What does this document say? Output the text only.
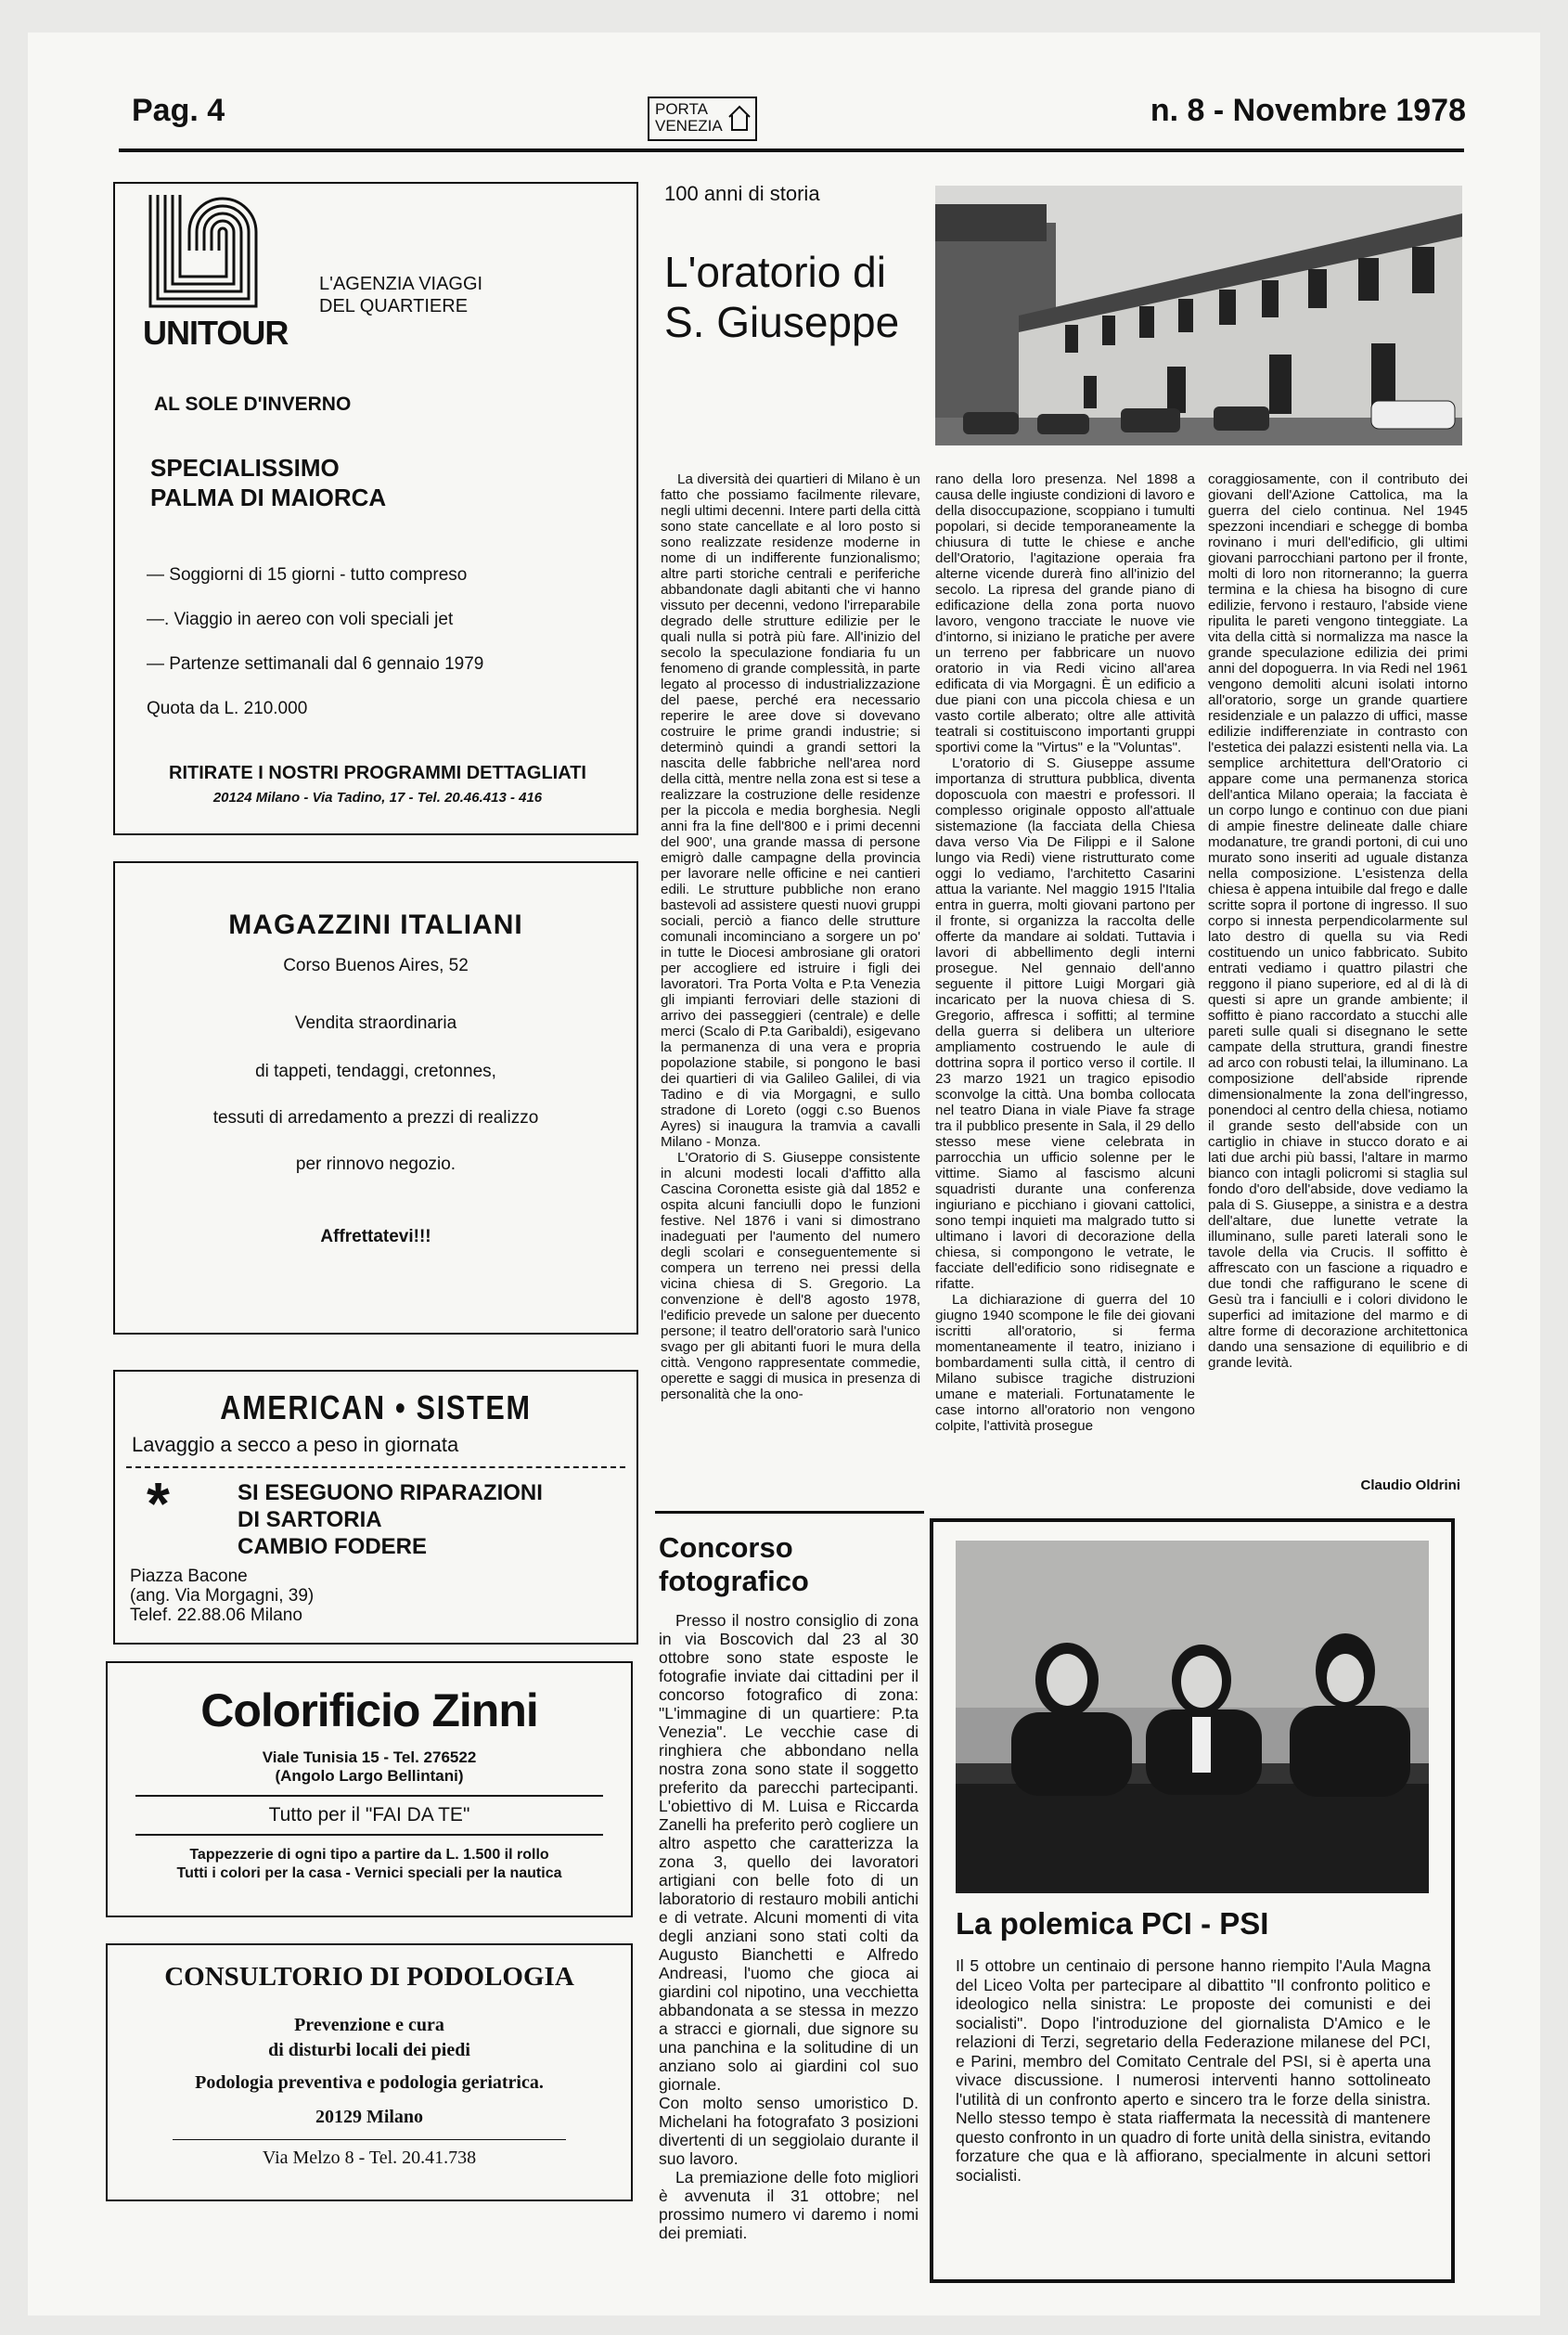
Pag. 4	PORTA
VENEZIA	n. 8 - Novembre 1978
UNITOUR

L'AGENZIA VIAGGI

DEL QUARTIERE

AL SOLE D'INVERNO

SPECIALISSIMO

PALMA DI MAIORCA

— Soggiorni di 15 giorni - tutto compreso

—. Viaggio in aereo con voli speciali jet

— Partenze settimanali dal 6 gennaio 1979

Quota da L. 210.000

RITIRATE I NOSTRI PROGRAMMI DETTAGLIATI

20124 Milano - Via Tadino, 17 - Tel. 20.46.413 - 416

MAGAZZINI ITALIANI

Corso Buenos Aires, 52

Vendita straordinaria

di tappeti, tendaggi, cretonnes,

tessuti di arredamento a prezzi di realizzo

per rinnovo negozio.

Affrettatevi!!!

AMERICAN • SISTEM

Lavaggio a secco a peso in giornata

*	SI ESEGUONO RIPARAZIONI

DI SARTORIA

CAMBIO FODERE

Piazza Bacone

(ang. Via Morgagni, 39)

Telef. 22.88.06 Milano

Colorificio Zinni

Viale Tunisia 15 - Tel. 276522

(Angolo Largo Bellintani)

Tutto per il "FAI DA TE"

Tappezzerie di ogni tipo a partire da L. 1.500 il rollo

Tutti i colori per la casa - Vernici speciali per la nautica

CONSULTORIO DI PODOLOGIA

Prevenzione e cura

di disturbi locali dei piedi

Podologia preventiva e podologia geriatrica.

20129 Milano

Via Melzo 8 - Tel. 20.41.738

100 anni di storia
L'oratorio di S. Giuseppe

La diversità dei quartieri di Milano è un fatto che possiamo facilmente rilevare, negli ultimi decenni. Intere parti della città sono state cancellate e al loro posto si sono realizzate residenze moderne in nome di un indifferente funzionalismo; altre parti storiche centrali e periferiche abbandonate dagli abitanti che vi hanno vissuto per decenni, vedono l'irreparabile degrado delle strutture edilizie per le quali nulla si potrà più fare. All'inizio del secolo la speculazione fondiaria fu un fenomeno di grande complessità, in parte legato al processo di industrializzazione del paese, perché era necessario reperire le aree dove si dovevano costruire le prime grandi industrie; si determinò quindi a grandi settori la nascita delle fabbriche nell'area nord della città, mentre nella zona est si tese a realizzare la costruzione delle residenze per la piccola e media borghesia. Negli anni fra la fine dell'800 e i primi decenni del 900', una grande massa di persone emigrò dalle campagne della provincia per lavorare nelle officine e nei cantieri edili. Le strutture pubbliche non erano bastevoli ad assistere questi nuovi gruppi sociali, perciò a fianco delle strutture comunali incominciano a sorgere un po' in tutte le Diocesi ambrosiane gli oratori per accogliere ed istruire i figli dei lavoratori. Tra Porta Volta e P.ta Venezia gli impianti ferroviari delle stazioni di arrivo dei passeggieri (centrale) e delle merci (Scalo di P.ta Garibaldi), esigevano la permanenza di una vera e propria popolazione stabile, si pongono le basi dei quartieri di via Galileo Galilei, di via Tadino e di via Morgagni, e sullo stradone di Loreto (oggi c.so Buenos Ayres) si inaugura la tramvia a cavalli Milano - Monza.

L'Oratorio di S. Giuseppe consistente in alcuni modesti locali d'affitto alla Cascina Coronetta esiste già dal 1852 e ospita alcuni fanciulli dopo le funzioni festive. Nel 1876 i vani si dimostrano inadeguati per l'aumento del numero degli scolari e conseguentemente si compera un terreno nei pressi della vicina chiesa di S. Gregorio. La convenzione è dell'8 agosto 1978, l'edificio prevede un salone per duecento persone; il teatro dell'oratorio sarà l'unico svago per gli abitanti fuori le mura della città. Vengono rappresentate commedie, operette e saggi di musica in presenza di personalità che la ono-

rano della loro presenza. Nel 1898 a causa delle ingiuste condizioni di lavoro e della disoccupazione, scoppiano i tumulti popolari, si decide temporaneamente la chiusura di tutte le chiese e anche dell'Oratorio, l'agitazione operaia fra alterne vicende durerà fino all'inizio del secolo. La ripresa del grande piano di edificazione della zona porta nuovo lavoro, vengono tracciate le nuove vie d'intorno, si iniziano le pratiche per avere un terreno per fabbricare un nuovo oratorio in via Redi vicino all'area edificata di via Morgagni. È un edificio a due piani con una piccola chiesa e un vasto cortile alberato; oltre alle attività teatrali si costituiscono importanti gruppi sportivi come la "Virtus" e la "Voluntas".

L'oratorio di S. Giuseppe assume importanza di struttura pubblica, diventa doposcuola con maestri e professori. Il complesso originale opposto all'attuale sistemazione (la facciata della Chiesa dava verso Via De Filippi e il Salone lungo via Redi) viene ristrutturato come oggi lo vediamo, l'architetto Casarini attua la variante. Nel maggio 1915 l'Italia entra in guerra, molti giovani partono per il fronte, si organizza la raccolta delle offerte da mandare ai soldati. Tuttavia i lavori di abbellimento degli interni prosegue. Nel gennaio dell'anno seguente il pittore Luigi Morgari già incaricato per la nuova chiesa di S. Gregorio, affresca i soffitti; al termine della guerra si delibera un ulteriore ampliamento costruendo le aule di dottrina sopra il portico verso il cortile. Il 23 marzo 1921 un tragico episodio sconvolge la città. Una bomba collocata nel teatro Diana in viale Piave fa strage tra il pubblico presente in Sala, il 29 dello stesso mese viene celebrata in parrocchia un ufficio solenne per le vittime. Siamo al fascismo alcuni squadristi durante una conferenza ingiuriano e picchiano i giovani cattolici, sono tempi inquieti ma malgrado tutto si ultimano i lavori di decorazione della chiesa, si compongono le vetrate, le facciate dell'edificio sono ridisegnate e rifatte.

La dichiarazione di guerra del 10 giugno 1940 scompone le file dei giovani iscritti all'oratorio, si ferma momentaneamente il teatro, iniziano i bombardamenti sulla città, il centro di Milano subisce tragiche distruzioni umane e materiali. Fortunatamente le case intorno all'oratorio non vengono colpite, l'attività prosegue

coraggiosamente, con il contributo dei giovani dell'Azione Cattolica, ma la guerra del cielo continua. Nel 1945 spezzoni incendiari e schegge di bomba rovinano i muri dell'edificio, gli ultimi giovani parrocchiani partono per il fronte, molti di loro non ritorneranno; la guerra termina e la chiesa ha bisogno di cure edilizie, fervono i restauro, l'abside viene ripulita le pareti vengono tinteggiate. La vita della città si normalizza ma nasce la grande speculazione edilizia dei primi anni del dopoguerra. In via Redi nel 1961 vengono demoliti alcuni isolati intorno all'oratorio, sorge un grande quartiere residenziale e un palazzo di uffici, masse edilizie indifferenziate in contrasto con l'estetica dei palazzi esistenti nella via. La semplice architettura dell'Oratorio ci appare come una permanenza storica dell'antica Milano operaia; la facciata è un corpo lungo e continuo con due piani di ampie finestre delineate dalle chiare modanature, tre grandi portoni, di cui uno murato sono inseriti ad uguale distanza nella composizione. L'esistenza della chiesa è appena intuibile dal frego e dalle scritte sopra il portone di ingresso. Il suo corpo si innesta perpendicolarmente sul lato destro di quella su via Redi costituendo un unico fabbricato. Subito entrati vediamo i quattro pilastri che reggono il piano superiore, ed al di là di questi si apre un grande ambiente; il soffitto è piano raccordato a stucchi alle pareti sulle quali si disegnano le sette campate della struttura, grandi finestre ad arco con robusti telai, la illuminano. La composizione dell'abside riprende dimensionalmente la zona dell'ingresso, ponendoci al centro della chiesa, notiamo il grande sesto dell'abside con un cartiglio in chiave in stucco dorato e ai lati due archi più bassi, l'altare in marmo bianco con intagli policromi si staglia sul fondo d'oro dell'abside, dove vediamo la pala di S. Giuseppe, a sinistra e a destra dell'altare, due lunette vetrate la illuminano, sulle pareti laterali sono le tavole della via Crucis. Il soffitto è affrescato con un fascione a riquadro e due tondi che raffigurano le scene di Gesù tra i fanciulli e i colori dividono le superfici ad imitazione del marmo e di altre forme di decorazione architettonica dando una sensazione di equilibrio e di grande levità.

Claudio Oldrini
Concorso fotografico

Presso il nostro consiglio di zona in via Boscovich dal 23 al 30 ottobre sono state esposte le fotografie inviate dai cittadini per il concorso fotografico di zona: "L'immagine di un quartiere: P.ta Venezia". Le vecchie case di ringhiera che abbondano nella nostra zona sono state il soggetto preferito da parecchi partecipanti. L'obiettivo di M. Luisa e Riccarda Zanelli ha preferito però cogliere un altro aspetto che caratterizza la zona 3, quello dei lavoratori artigiani con belle foto di un laboratorio di restauro mobili antichi e di vetrate. Alcuni momenti di vita degli anziani sono stati colti da Augusto Bianchetti e Alfredo Andreasi, l'uomo che gioca ai giardini col nipotino, una vecchietta abbandonata a se stessa in mezzo a stracci e giornali, due signore su una panchina e la solitudine di un anziano solo ai giardini col suo giornale.

Con molto senso umoristico D. Michelani ha fotografato 3 posizioni divertenti di un seggiolaio durante il suo lavoro.

La premiazione delle foto migliori è avvenuta il 31 ottobre; nel prossimo numero vi daremo i nomi dei premiati.

La polemica PCI - PSI
Il 5 ottobre un centinaio di persone hanno riempito l'Aula Magna del Liceo Volta per partecipare al dibattito "Il confronto politico e ideologico nella sinistra: Le proposte dei comunisti e dei socialisti". Dopo l'introduzione del giornalista D'Amico e le relazioni di Terzi, segretario della Federazione milanese del PCI, e Parini, membro del Comitato Centrale del PSI, si è aperta una vivace discussione. I numerosi interventi hanno sottolineato l'utilità di un confronto aperto e sincero tra le forze della sinistra. Nello stesso tempo è stata riaffermata la necessità di mantenere questo confronto in un quadro di forte unità della sinistra, evitando forzature che qua e là affiorano, specialmente in alcuni settori socialisti.
